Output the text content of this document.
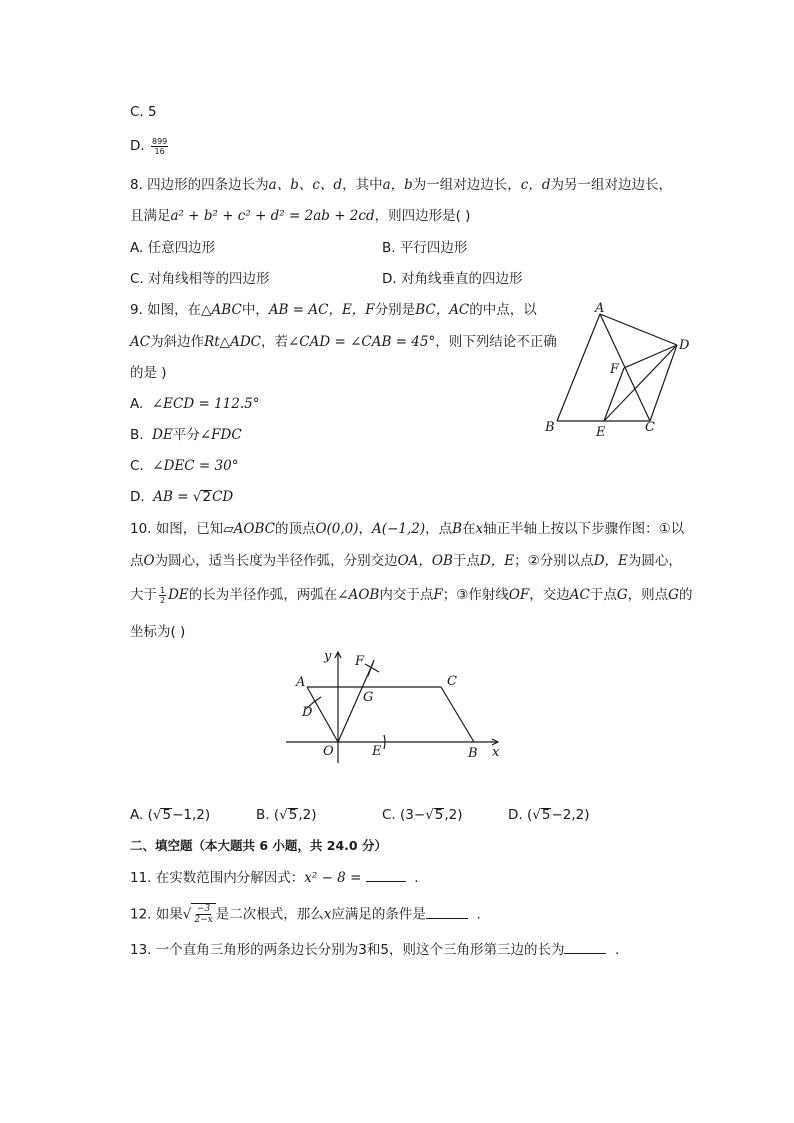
C. 5
D. $\frac{899}{16}$
8. 四边形的四条边长为a、b、c、d，其中a，b为一组对边边长，c，d为另一组对边边长，
且满足a² + b² + c² + d² = 2ab + 2cd，则四边形是( )
A. 任意四边形	B. 平行四边形
C. 对角线相等的四边形	D. 对角线垂直的四边形
9. 如图，在△ABC中，AB = AC，E，F分别是BC，AC的中点，以
AC为斜边作Rt△ADC，若∠CAD = ∠CAB = 45°，则下列结论不正确
的是 )
A.  ∠ECD = 112.5°
B.  DE平分∠FDC
C.  ∠DEC = 30°
D.  AB = √2CD
A
D
F
B	E	C
10. 如图，已知▱AOBC的顶点O(0,0)，A(−1,2)，点B在x轴正半轴上按以下步骤作图：①以
点O为圆心，适当长度为半径作弧，分别交边OA，OB于点D，E；②分别以点D，E为圆心，
大于 $\frac{1}{2}$ DE的长为半径作弧，两弧在∠AOB内交于点F；③作射线OF，交边AC于点G，则点G的
坐标为( )
y F
A	C
G
D
O	E	B x
A. (√5−1,2)	B. (√5,2)	C. (3−√5,2)	D. (√5−2,2)
二、填空题（本大题共 6 小题，共 24.0 分）
11. 在实数范围内分解因式：x² − 8 =	.
12. 如果√ $\frac{-3}{2-x}$ 是二次根式，那么x应满足的条件是	.
13. 一个直角三角形的两条边长分别为3和5，则这个三角形第三边的长为	.
